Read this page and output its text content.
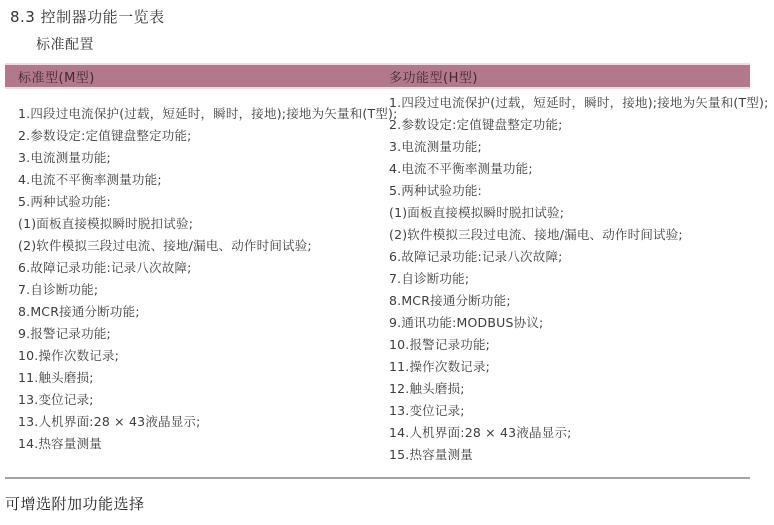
8.3 控制器功能一览表
标准配置
标准型(M型)	多功能型(H型)
1.四段过电流保护(过载，短延时，瞬时，接地);接地为矢量和(T型);
2.参数设定:定值键盘整定功能;
3.电流测量功能;
4.电流不平衡率测量功能;
5.两种试验功能:
(1)面板直接模拟瞬时脱扣试验;
(2)软件模拟三段过电流、接地/漏电、动作时间试验;
6.故障记录功能:记录八次故障;
7.自诊断功能;
8.MCR接通分断功能;
9.报警记录功能;
10.操作次数记录;
11.触头磨损;
13.变位记录;
13.人机界面:28 × 43液晶显示;
14.热容量测量
1.四段过电流保护(过载，短延时，瞬时，接地);接地为矢量和(T型);
2.参数设定:定值键盘整定功能;
3.电流测量功能;
4.电流不平衡率测量功能;
5.两种试验功能:
(1)面板直接模拟瞬时脱扣试验;
(2)软件模拟三段过电流、接地/漏电、动作时间试验;
6.故障记录功能:记录八次故障;
7.自诊断功能;
8.MCR接通分断功能;
9.通讯功能:MODBUS协议;
10.报警记录功能;
11.操作次数记录;
12.触头磨损;
13.变位记录;
14.人机界面:28 × 43液晶显示;
15.热容量测量
可增选附加功能选择
